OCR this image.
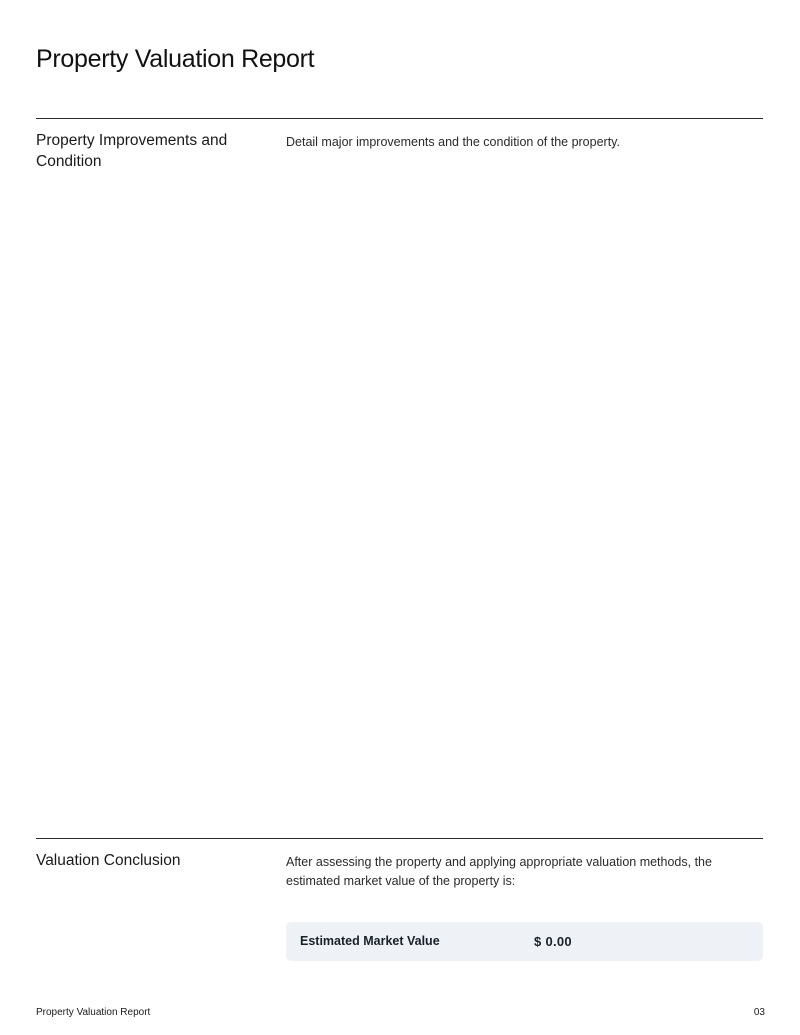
Property Valuation Report
Property Improvements and Condition

Detail major improvements and the condition of the property.

Valuation Conclusion	After assessing the property and applying appropriate valuation methods, the estimated market value of the property is:

Estimated Market Value	$ 0.00
Property Valuation Report	03
